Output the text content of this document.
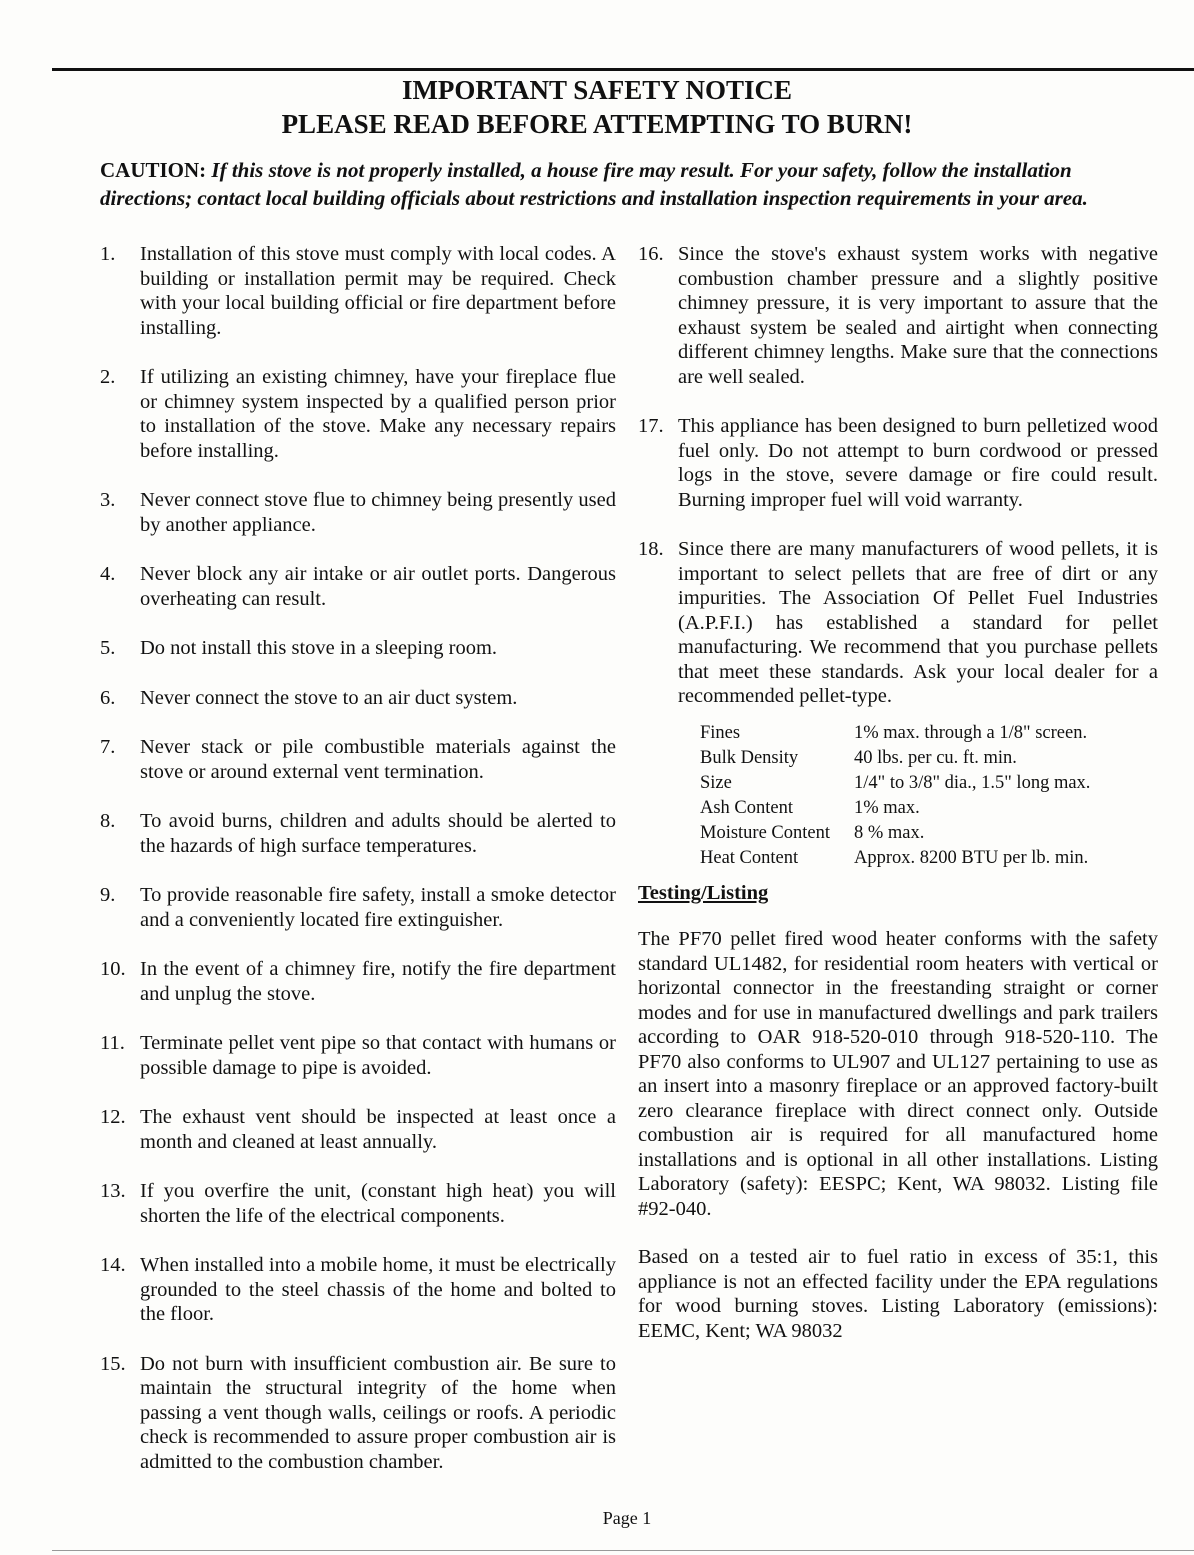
IMPORTANT SAFETY NOTICE
PLEASE READ BEFORE ATTEMPTING TO BURN!
CAUTION: If this stove is not properly installed, a house fire may result. For your safety, follow the installation directions; contact local building officials about restrictions and installation inspection requirements in your area.
1.	Installation of this stove must comply with local codes. A building or installation permit may be required. Check with your local building official or fire department before installing.
2.	If utilizing an existing chimney, have your fireplace flue or chimney system inspected by a qualified person prior to installation of the stove. Make any necessary repairs before installing.
3.	Never connect stove flue to chimney being presently used by another appliance.
4.	Never block any air intake or air outlet ports. Dangerous overheating can result.
5.	Do not install this stove in a sleeping room.
6.	Never connect the stove to an air duct system.
7.	Never stack or pile combustible materials against the stove or around external vent termination.
8.	To avoid burns, children and adults should be alerted to the hazards of high surface temperatures.
9.	To provide reasonable fire safety, install a smoke detector and a conveniently located fire extinguisher.
10. In the event of a chimney fire, notify the fire department and unplug the stove.
11. Terminate pellet vent pipe so that contact with humans or possible damage to pipe is avoided.
12. The exhaust vent should be inspected at least once a month and cleaned at least annually.
13. If you overfire the unit, (constant high heat) you will shorten the life of the electrical components.
14. When installed into a mobile home, it must be electrically grounded to the steel chassis of the home and bolted to the floor.
15. Do not burn with insufficient combustion air. Be sure to maintain the structural integrity of the home when passing a vent though walls, ceilings or roofs. A periodic check is recommended to assure proper combustion air is admitted to the combustion chamber.
16. Since the stove's exhaust system works with negative combustion chamber pressure and a slightly positive chimney pressure, it is very important to assure that the exhaust system be sealed and airtight when connecting different chimney lengths. Make sure that the connections are well sealed.
17. This appliance has been designed to burn pelletized wood fuel only. Do not attempt to burn cordwood or pressed logs in the stove, severe damage or fire could result. Burning improper fuel will void warranty.
18. Since there are many manufacturers of wood pellets, it is important to select pellets that are free of dirt or any impurities. The Association Of Pellet Fuel Industries (A.P.F.I.) has established a standard for pellet manufacturing. We recommend that you purchase pellets that meet these standards. Ask your local dealer for a recommended pellet-type.
Fines	1% max. through a 1/8" screen.
Bulk Density	40 lbs. per cu. ft. min.
Size	1/4" to 3/8" dia., 1.5" long max.
Ash Content	1% max.
Moisture Content	8 % max.
Heat Content	Approx. 8200 BTU per lb. min.
Testing/Listing

The PF70 pellet fired wood heater conforms with the safety standard UL1482, for residential room heaters with vertical or horizontal connector in the freestanding straight or corner modes and for use in manufactured dwellings and park trailers according to OAR 918-520-010 through 918-520-110. The PF70 also conforms to UL907 and UL127 pertaining to use as an insert into a masonry fireplace or an approved factory-built zero clearance fireplace with direct connect only. Outside combustion air is required for all manufactured home installations and is optional in all other installations. Listing Laboratory (safety): EESPC; Kent, WA 98032. Listing file #92-040.

Based on a tested air to fuel ratio in excess of 35:1, this appliance is not an effected facility under the EPA regulations for wood burning stoves. Listing Laboratory (emissions): EEMC, Kent; WA 98032

Page 1
